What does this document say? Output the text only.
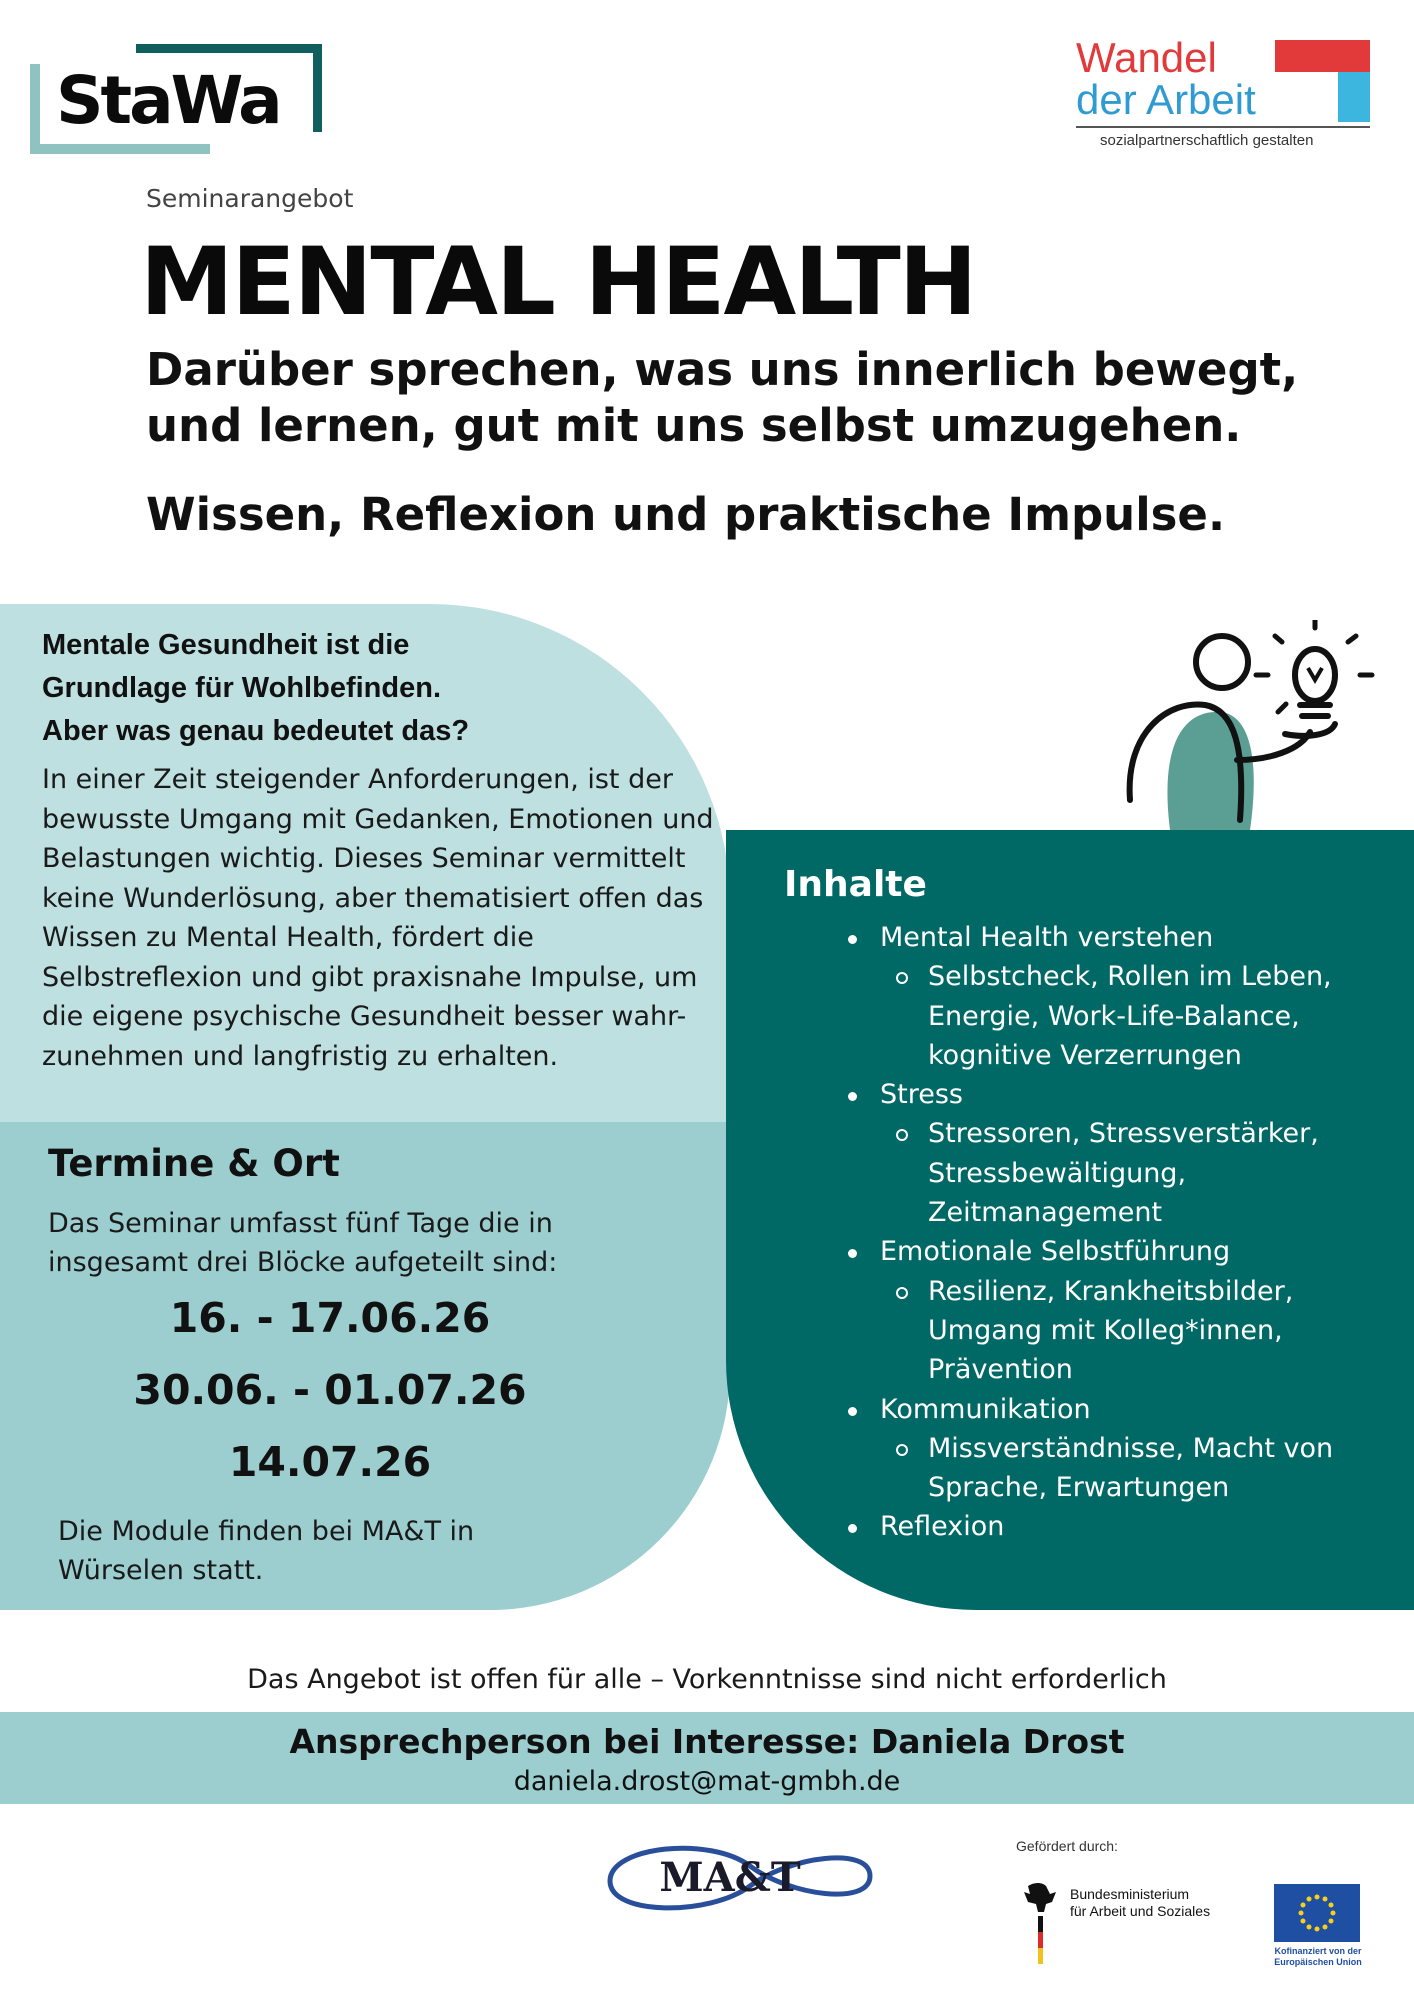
StaWa
Wandel
der Arbeit
sozialpartnerschaftlich gestalten
Seminarangebot
MENTAL HEALTH
Darüber sprechen, was uns innerlich bewegt,
und lernen, gut mit uns selbst umzugehen.
Wissen, Reflexion und praktische Impulse.
Mentale Gesundheit ist die
Grundlage für Wohlbefinden.
Aber was genau bedeutet das?
In einer Zeit steigender Anforderungen, ist der bewusste Umgang mit Gedanken, Emotionen und Belastungen wichtig. Dieses Seminar vermittelt keine Wunderlösung, aber thematisiert offen das Wissen zu Mental Health, fördert die Selbstreflexion und gibt praxisnahe Impulse, um die eigene psychische Gesundheit besser wahr-zunehmen und langfristig zu erhalten.
Termine & Ort
Das Seminar umfasst fünf Tage die in insgesamt drei Blöcke aufgeteilt sind:
16. - 17.06.26
30.06. - 01.07.26
14.07.26
Die Module finden bei MA&T in Würselen statt.
Inhalte
Mental Health verstehen
Selbstcheck, Rollen im Leben, Energie, Work-Life-Balance, kognitive Verzerrungen
Stress
Stressoren, Stressverstärker, Stressbewältigung, Zeitmanagement
Emotionale Selbstführung
Resilienz, Krankheitsbilder, Umgang mit Kolleg*innen, Prävention
Kommunikation
Missverständnisse, Macht von Sprache, Erwartungen
Reflexion
Das Angebot ist offen für alle – Vorkenntnisse sind nicht erforderlich
Ansprechperson bei Interesse: Daniela Drost
daniela.drost@mat-gmbh.de
MA&T
Gefördert durch:
Bundesministerium
für Arbeit und Soziales
Kofinanziert von der
Europäischen Union
